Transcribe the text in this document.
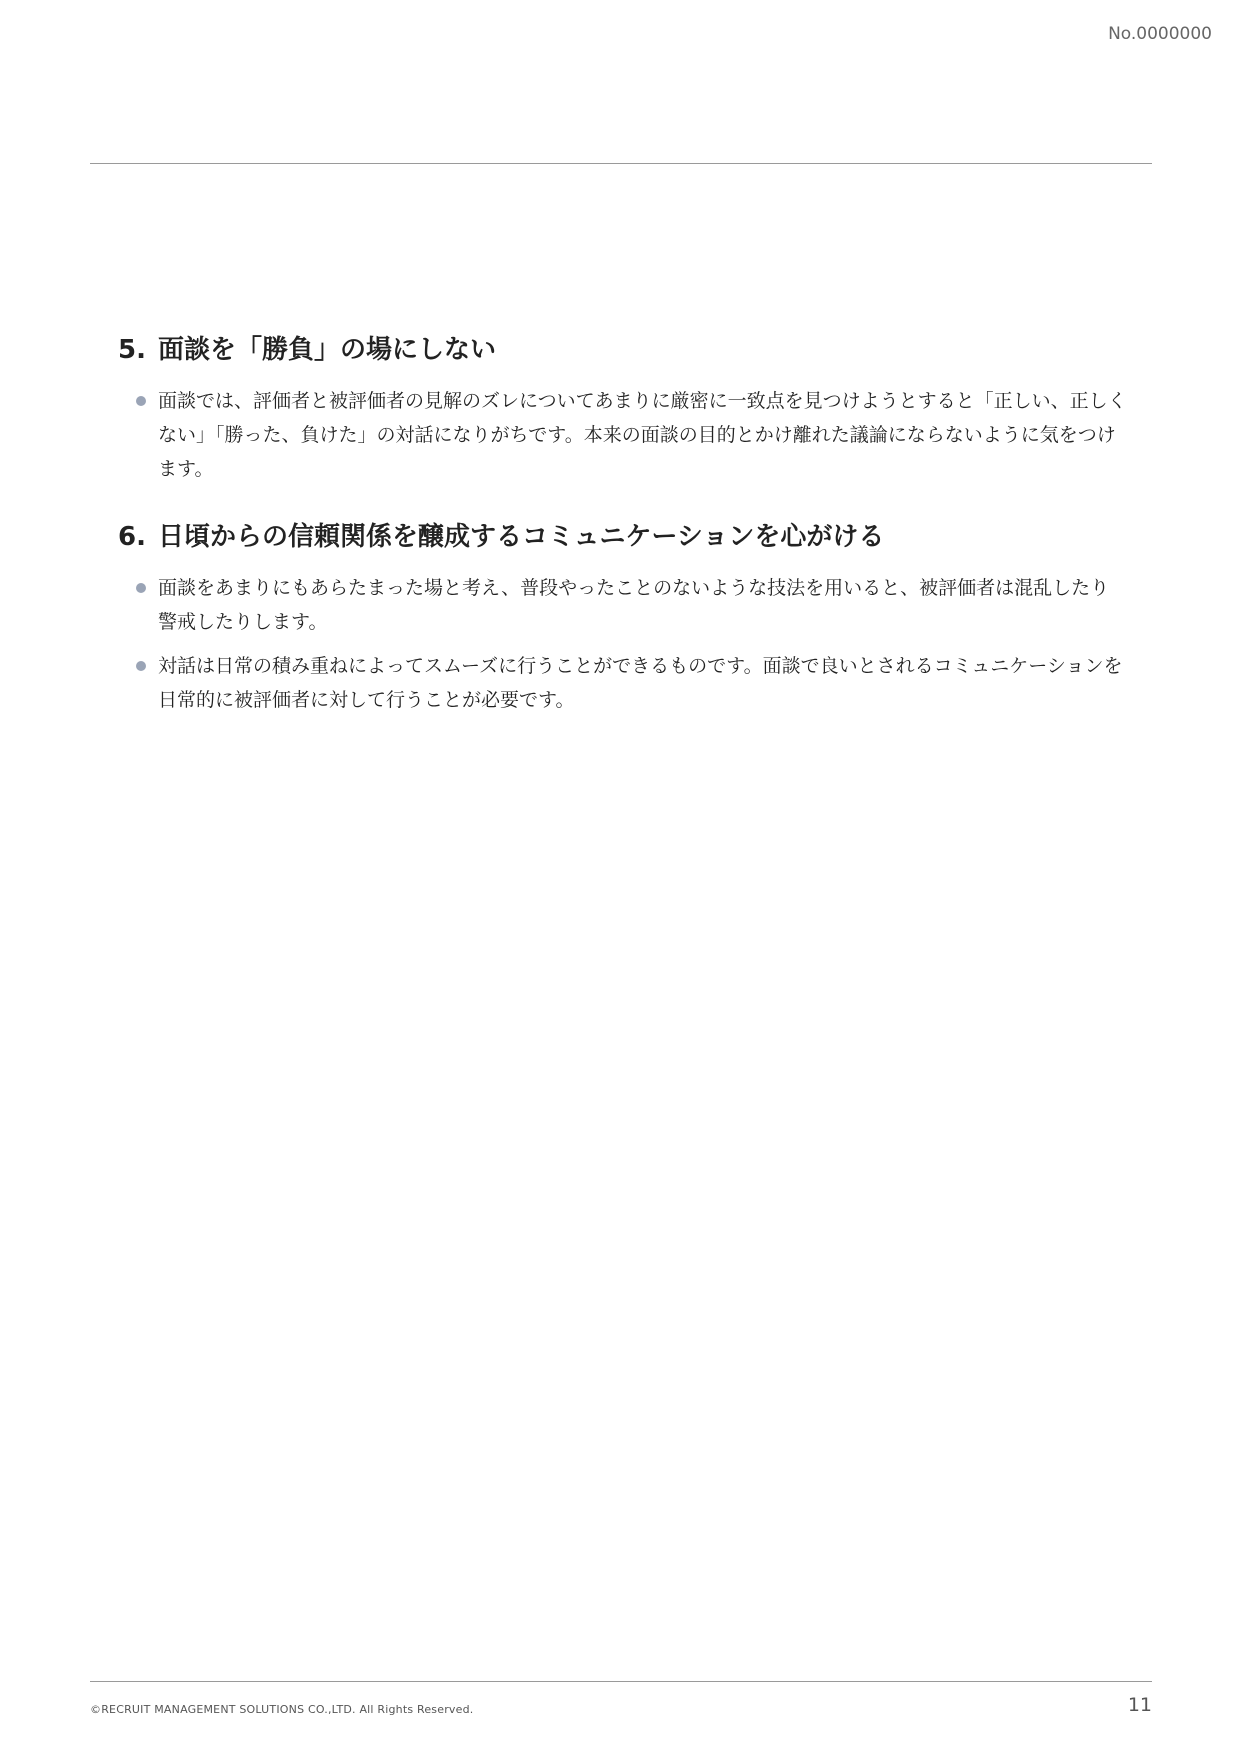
No.0000000
5. 面談を「勝負」の場にしない
面談では、評価者と被評価者の見解のズレについてあまりに厳密に一致点を見つけようとすると「正しい、正しくない」「勝った、負けた」の対話になりがちです。本来の面談の目的とかけ離れた議論にならないように気をつけます。
6. 日頃からの信頼関係を醸成するコミュニケーションを心がける
面談をあまりにもあらたまった場と考え、普段やったことのないような技法を用いると、被評価者は混乱したり警戒したりします。
対話は日常の積み重ねによってスムーズに行うことができるものです。面談で良いとされるコミュニケーションを日常的に被評価者に対して行うことが必要です。
©RECRUIT MANAGEMENT SOLUTIONS CO.,LTD. All Rights Reserved.	11
